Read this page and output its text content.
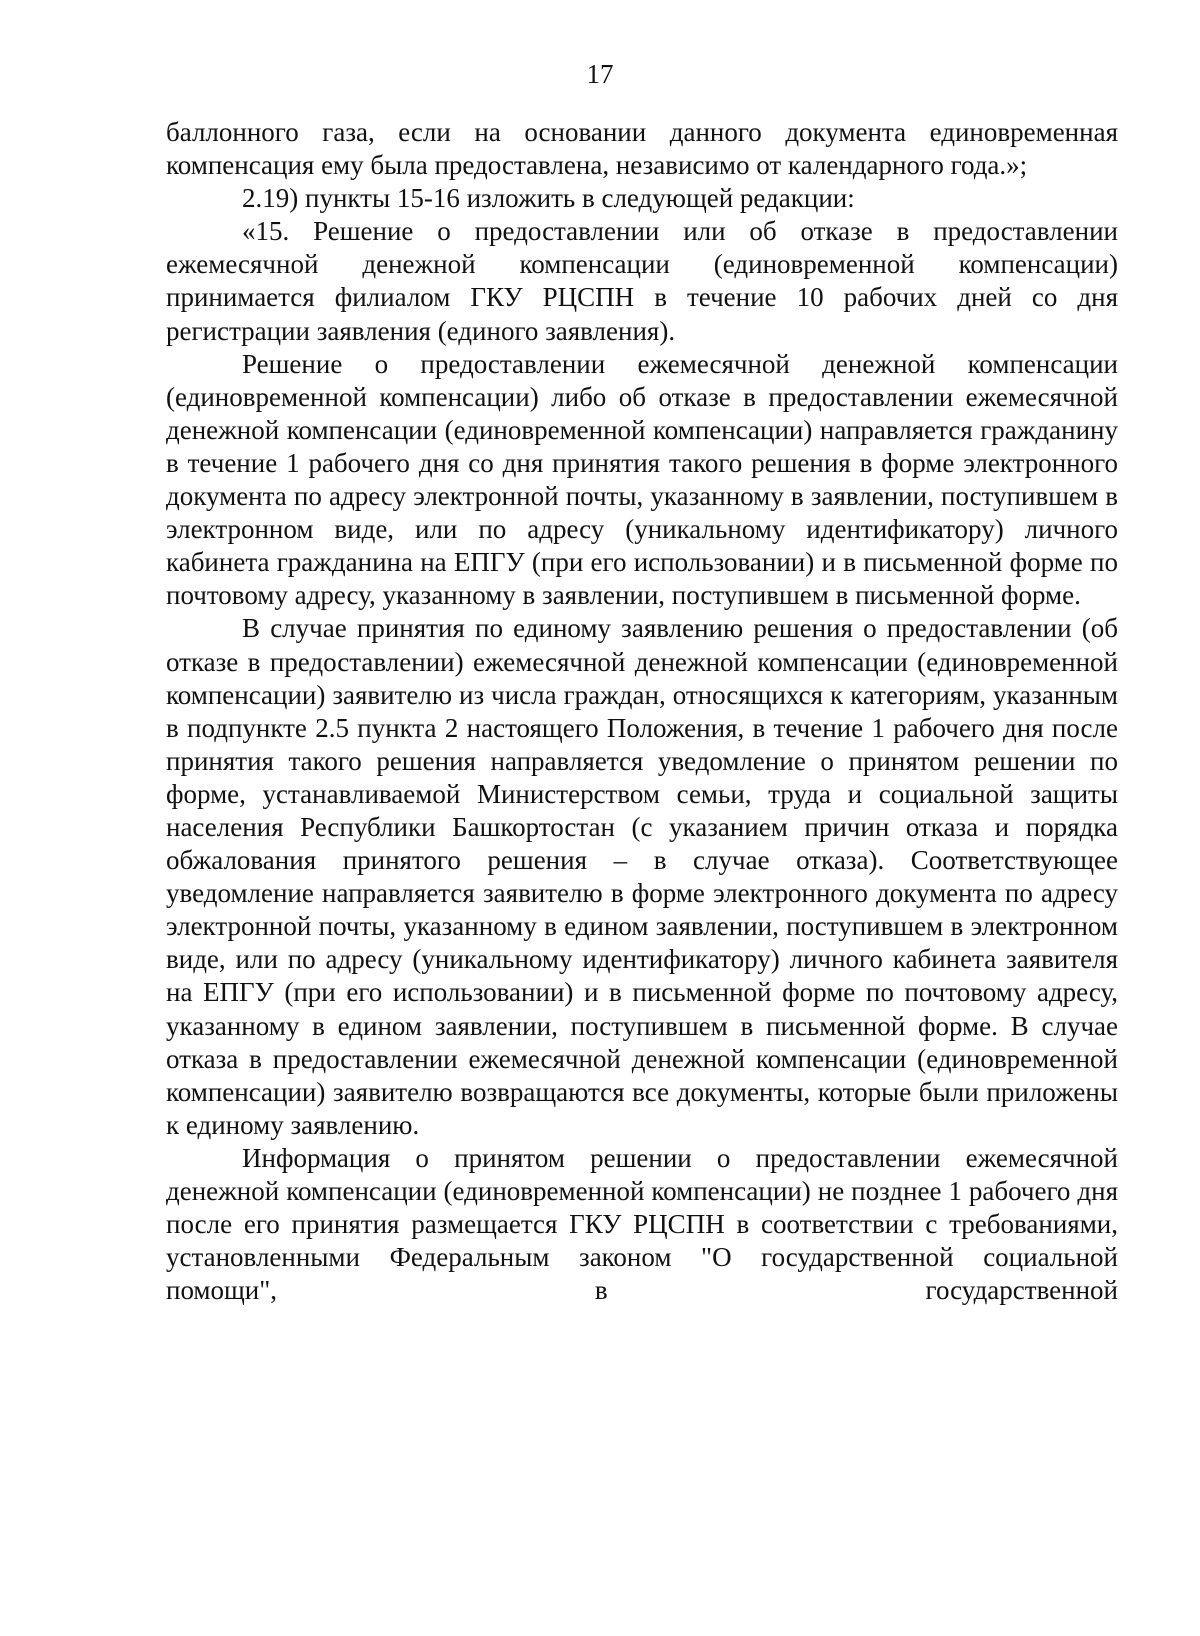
17

баллонного газа, если на основании данного документа единовременная компенсация ему была предоставлена, независимо от календарного года.»;

2.19) пункты 15-16 изложить в следующей редакции:

«15. Решение о предоставлении или об отказе в предоставлении ежемесячной денежной компенсации (единовременной компенсации) принимается филиалом ГКУ РЦСПН в течение 10 рабочих дней со дня регистрации заявления (единого заявления).

Решение о предоставлении ежемесячной денежной компенсации (единовременной компенсации) либо об отказе в предоставлении ежемесячной денежной компенсации (единовременной компенсации) направляется гражданину в течение 1 рабочего дня со дня принятия такого решения в форме электронного документа по адресу электронной почты, указанному в заявлении, поступившем в электронном виде, или по адресу (уникальному идентификатору) личного кабинета гражданина на ЕПГУ (при его использовании) и в письменной форме по почтовому адресу, указанному в заявлении, поступившем в письменной форме.

В случае принятия по единому заявлению решения о предоставлении (об отказе в предоставлении) ежемесячной денежной компенсации (единовременной компенсации) заявителю из числа граждан, относящихся к категориям, указанным в подпункте 2.5 пункта 2 настоящего Положения, в течение 1 рабочего дня после принятия такого решения направляется уведомление о принятом решении по форме, устанавливаемой Министерством семьи, труда и социальной защиты населения Республики Башкортостан (с указанием причин отказа и порядка обжалования принятого решения – в случае отказа). Соответствующее уведомление направляется заявителю в форме электронного документа по адресу электронной почты, указанному в едином заявлении, поступившем в электронном виде, или по адресу (уникальному идентификатору) личного кабинета заявителя на ЕПГУ (при его использовании) и в письменной форме по почтовому адресу, указанному в едином заявлении, поступившем в письменной форме. В случае отказа в предоставлении ежемесячной денежной компенсации (единовременной компенсации) заявителю возвращаются все документы, которые были приложены к единому заявлению.

Информация о принятом решении о предоставлении ежемесячной денежной компенсации (единовременной компенсации) не позднее 1 рабочего дня после его принятия размещается ГКУ РЦСПН в соответствии с требованиями, установленными Федеральным законом "О государственной социальной помощи", в государственной
